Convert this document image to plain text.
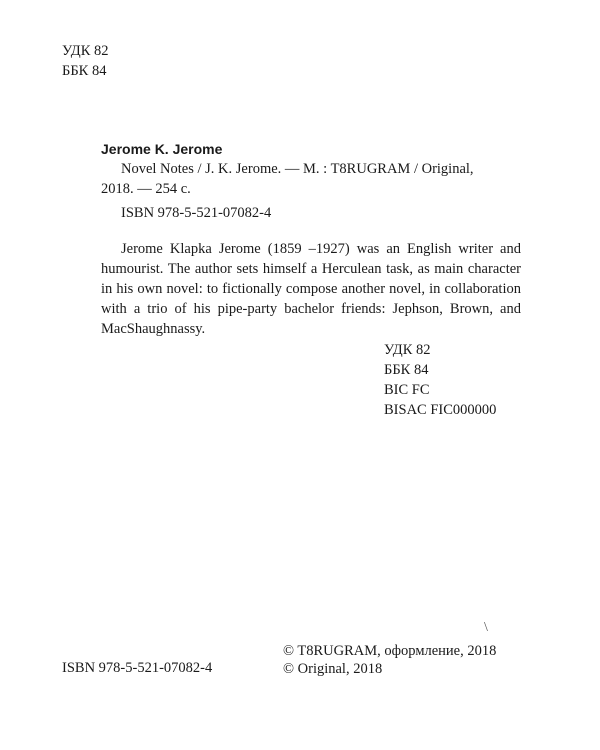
УДК 82
ББК 84
Jerome K. Jerome

Novel Notes / J. K. Jerome. — M. : T8RUGRAM / Original,

2018. — 254 c.
ISBN 978-5-521-07082-4

Jerome Klapka Jerome (1859 –1927) was an English writer and humourist. The author sets himself a Herculean task, as main character in his own novel: to fictionally compose another novel, in collaboration with a trio of his pipe-party bachelor friends: Jephson, Brown, and MacShaughnassy.

УДК 82
ББК 84
BIC FC
BISAC FIC000000
\
ISBN 978-5-521-07082-4
© T8RUGRAM, оформление, 2018
© Original, 2018
